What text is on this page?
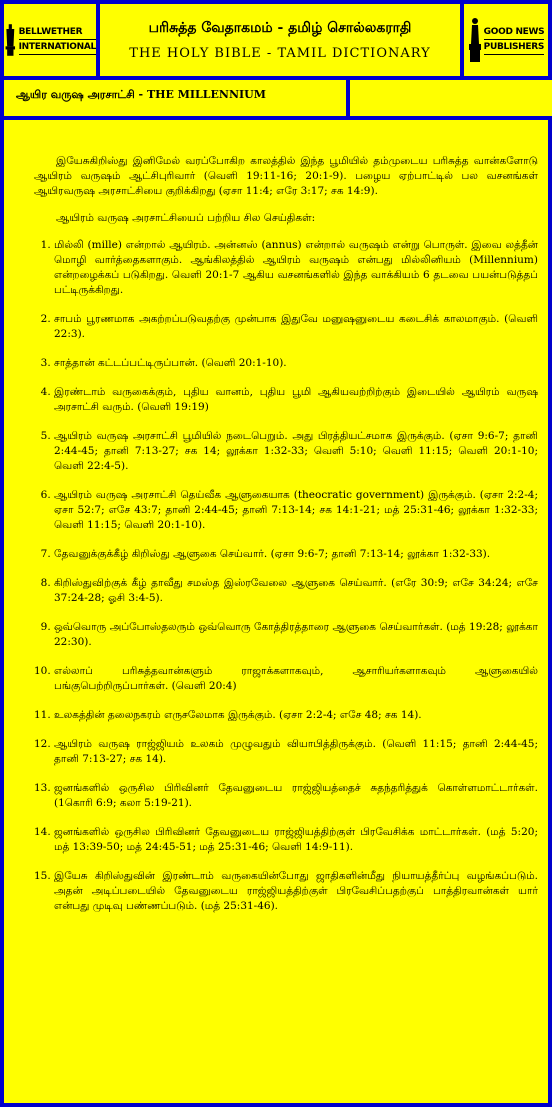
BELLWETHER
INTERNATIONAL
பரிசுத்த வேதாகமம் - தமிழ் சொல்லகராதி
THE HOLY BIBLE - TAMIL DICTIONARY
GOOD NEWS
PUBLISHERS
ஆயிர வருஷ அரசாட்சி - THE MILLENNIUM

இயேசுகிறிஸ்து இனிமேல் வரப்போகிற காலத்தில் இந்த பூமியில் தம்முடைய பரிசுத்த வான்களோடு ஆயிரம் வருஷம் ஆட்சிபுரிவார் (வெளி 19:11-16; 20:1-9). பழைய ஏற்பாட்டில் பல வசனங்கள் ஆயிரவருஷ அரசாட்சியை குறிக்கிறது (ஏசா 11:4; எரே 3:17; சக 14:9).

ஆயிரம் வருஷ அரசாட்சியைப் பற்றிய சில செய்திகள்:

1. மில்லி (mille) என்றால் ஆயிரம். அன்னஸ் (annus) என்றால் வருஷம் என்று பொருள். இவை லத்தீன் மொழி வார்த்தைகளாகும். ஆங்கிலத்தில் ஆயிரம் வருஷம் என்பது மில்லினியம் (Millennium) என்றழைக்கப் படுகிறது. வெளி 20:1-7 ஆகிய வசனங்களில் இந்த வாக்கியம் 6 தடவை பயன்படுத்தப் பட்டிருக்கிறது.
2. சாபம் பூரணமாக அகற்றப்படுவதற்கு முன்பாக இதுவே மனுஷனுடைய கடைசிக் காலமாகும். (வெளி 22:3).
3. சாத்தான் கட்டப்பட்டிருப்பான். (வெளி 20:1-10).
4. இரண்டாம் வருகைக்கும், புதிய வானம், புதிய பூமி ஆகியவற்றிற்கும் இடையில் ஆயிரம் வருஷ அரசாட்சி வரும். (வெளி 19:19)
5. ஆயிரம் வருஷ அரசாட்சி பூமியில் நடைபெறும். அது பிரத்தியட்சமாக இருக்கும். (ஏசா 9:6-7; தானி 2:44-45; தானி 7:13-27; சக 14; லூக்கா 1:32-33; வெளி 5:10; வெளி 11:15; வெளி 20:1-10; வெளி 22:4-5).
6. ஆயிரம் வருஷ அரசாட்சி தெய்வீக ஆளுகையாக (theocratic government) இருக்கும். (ஏசா 2:2-4; ஏசா 52:7; எசே 43:7; தானி 2:44-45; தானி 7:13-14; சக 14:1-21; மத் 25:31-46; லூக்கா 1:32-33; வெளி 11:15; வெளி 20:1-10).
7. தேவனுக்குக்கீழ் கிறிஸ்து ஆளுகை செய்வார். (ஏசா 9:6-7; தானி 7:13-14; லூக்கா 1:32-33).
8. கிறிஸ்துவிற்குக் கீழ் தாவீது சமஸ்த இஸ்ரவேலை ஆளுகை செய்வார். (எரே 30:9; எசே 34:24; எசே 37:24-28; ஓசி 3:4-5).
9. ஒவ்வொரு அப்போஸ்தலரும் ஒவ்வொரு கோத்திரத்தாரை ஆளுகை செய்வார்கள். (மத் 19:28; லூக்கா 22:30).
10. எல்லாப் பரிசுத்தவான்களும் ராஜாக்களாகவும், ஆசாரியர்களாகவும் ஆளுகையில் பங்குபெற்றிருப்பார்கள். (வெளி 20:4)
11. உலகத்தின் தலைநகரம் எருசலேமாக இருக்கும். (ஏசா 2:2-4; எசே 48; சக 14).
12. ஆயிரம் வருஷ ராஜ்ஜியம் உலகம் முழுவதும் வியாபித்திருக்கும். (வெளி 11:15; தானி 2:44-45; தானி 7:13-27; சக 14).
13. ஜனங்களில் ஒருசில பிரிவினர் தேவனுடைய ராஜ்ஜியத்தைச் சுதந்தரித்துக் கொள்ளமாட்டார்கள். (1கொரி 6:9; கலா 5:19-21).
14. ஜனங்களில் ஒருசில பிரிவினர் தேவனுடைய ராஜ்ஜியத்திற்குள் பிரவேசிக்க மாட்டார்கள். (மத் 5:20; மத் 13:39-50; மத் 24:45-51; மத் 25:31-46; வெளி 14:9-11).
15. இயேசு கிறிஸ்துவின் இரண்டாம் வருகையின்போது ஜாதிகளின்மீது நியாயத்தீர்ப்பு வழங்கப்படும். அதன் அடிப்படையில் தேவனுடைய ராஜ்ஜியத்திற்குள் பிரவேசிப்பதற்குப் பாத்திரவான்கள் யார் என்பது முடிவு பண்ணப்படும். (மத் 25:31-46).
